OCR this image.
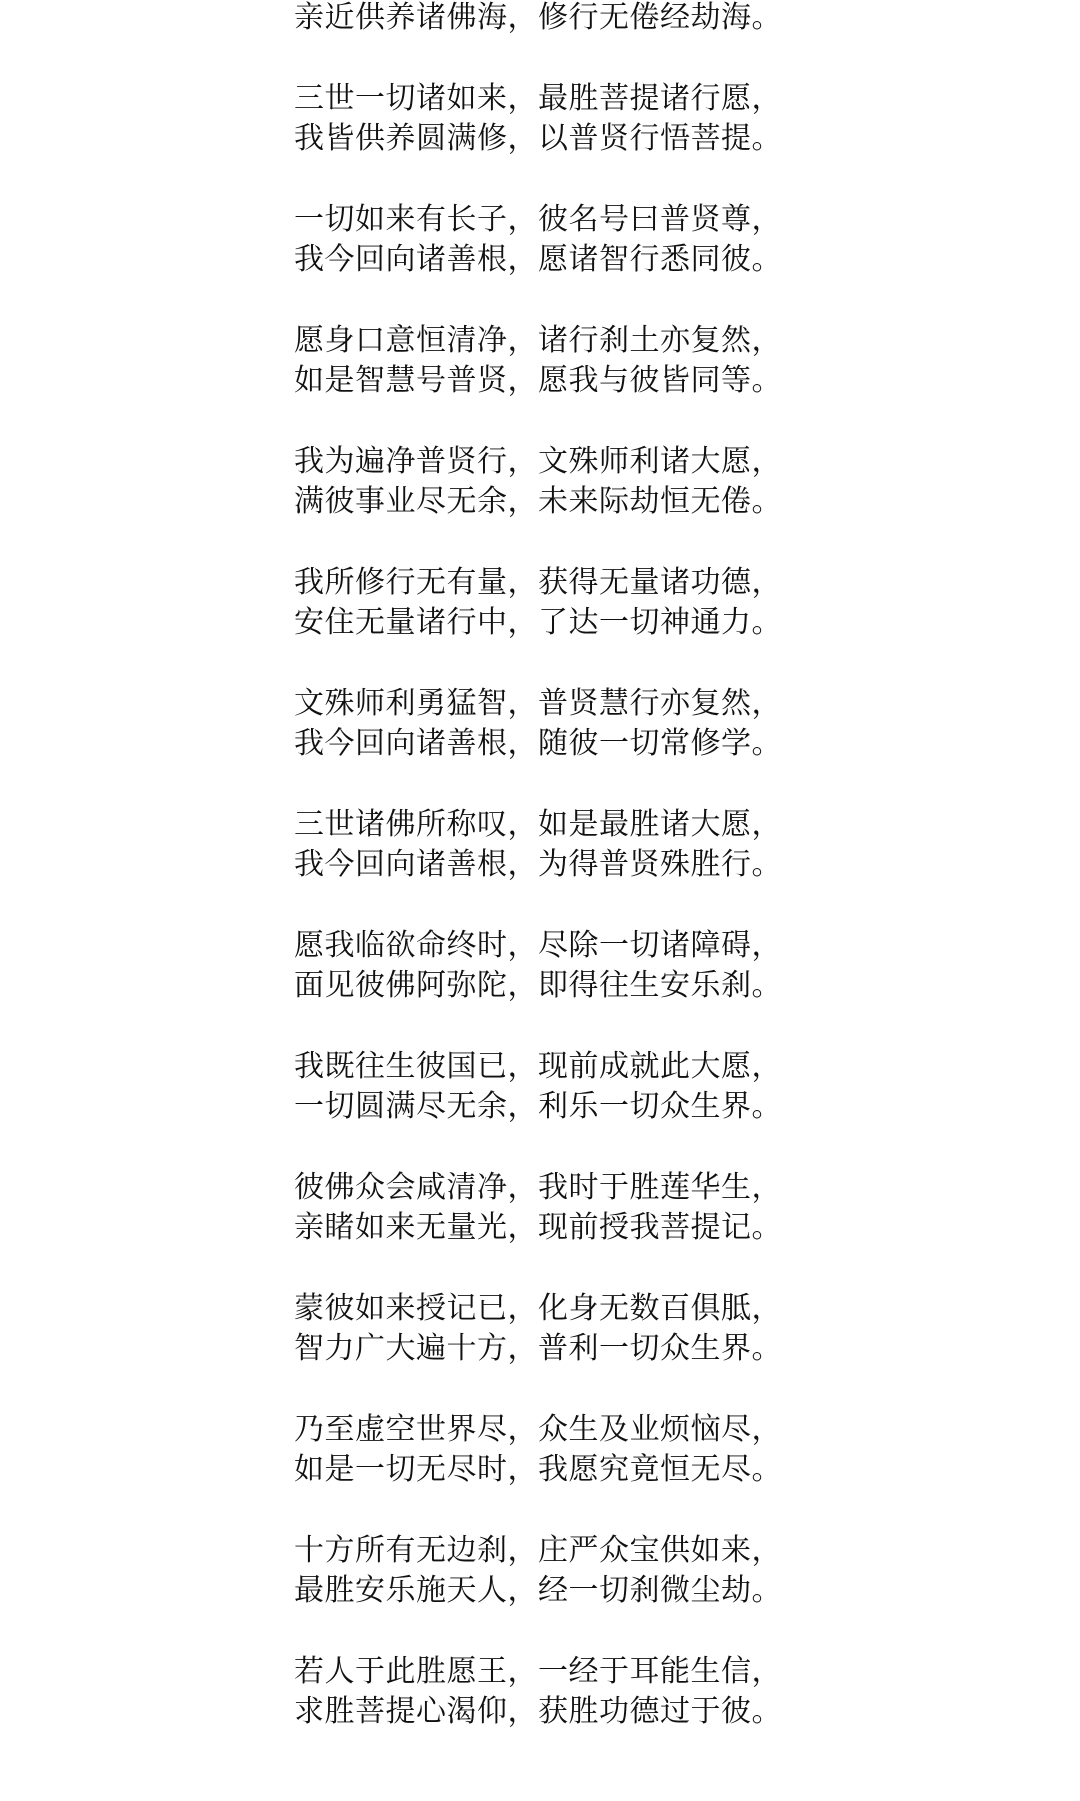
亲近供养诸佛海，修行无倦经劫海。
三世一切诸如来，最胜菩提诸行愿，
我皆供养圆满修，以普贤行悟菩提。
一切如来有长子，彼名号曰普贤尊，
我今回向诸善根，愿诸智行悉同彼。
愿身口意恒清净，诸行刹土亦复然，
如是智慧号普贤，愿我与彼皆同等。
我为遍净普贤行，文殊师利诸大愿，
满彼事业尽无余，未来际劫恒无倦。
我所修行无有量，获得无量诸功德，
安住无量诸行中，了达一切神通力。
文殊师利勇猛智，普贤慧行亦复然，
我今回向诸善根，随彼一切常修学。
三世诸佛所称叹，如是最胜诸大愿，
我今回向诸善根，为得普贤殊胜行。
愿我临欲命终时，尽除一切诸障碍，
面见彼佛阿弥陀，即得往生安乐刹。
我既往生彼国已，现前成就此大愿，
一切圆满尽无余，利乐一切众生界。
彼佛众会咸清净，我时于胜莲华生，
亲睹如来无量光，现前授我菩提记。
蒙彼如来授记已，化身无数百俱胝，
智力广大遍十方，普利一切众生界。
乃至虚空世界尽，众生及业烦恼尽，
如是一切无尽时，我愿究竟恒无尽。
十方所有无边刹，庄严众宝供如来，
最胜安乐施天人，经一切刹微尘劫。
若人于此胜愿王，一经于耳能生信，
求胜菩提心渴仰，获胜功德过于彼。
